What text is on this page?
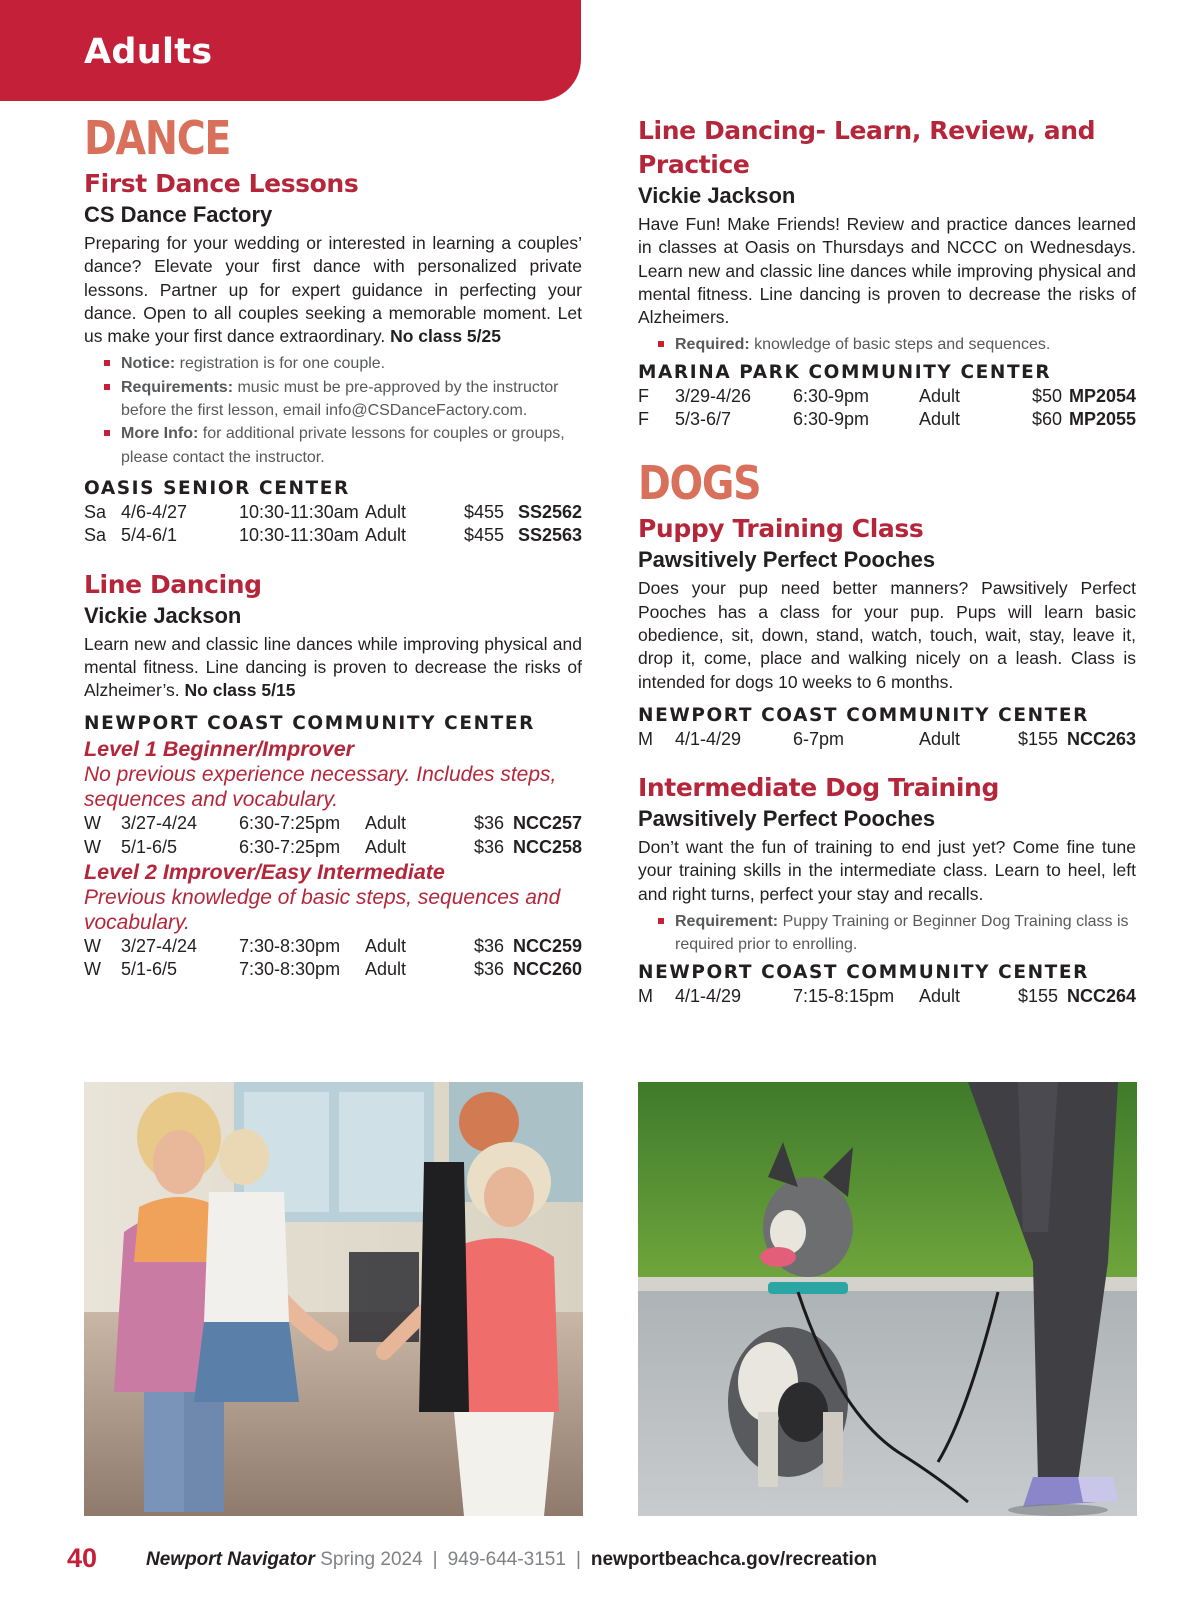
Adults
DANCE
First Dance Lessons
CS Dance Factory
Preparing for your wedding or interested in learning a couples’ dance? Elevate your first dance with personalized private lessons. Partner up for expert guidance in perfecting your dance. Open to all couples seeking a memorable moment. Let us make your first dance extraordinary. No class 5/25
Notice: registration is for one couple.
Requirements: music must be pre-approved by the instructor before the first lesson, email info@CSDanceFactory.com.
More Info: for additional private lessons for couples or groups, please contact the instructor.
OASIS SENIOR CENTER
Sa 4/6-4/27	10:30-11:30am Adult	$455 SS2562
Sa 5/4-6/1	10:30-11:30am Adult	$455 SS2563
Line Dancing
Vickie Jackson
Learn new and classic line dances while improving physical and mental fitness. Line dancing is proven to decrease the risks of Alzheimer’s. No class 5/15
NEWPORT COAST COMMUNITY CENTER
Level 1 Beginner/Improver
No previous experience necessary. Includes steps, sequences and vocabulary.
W 3/27-4/24 6:30-7:25pm Adult	$36 NCC257
W 5/1-6/5	6:30-7:25pm Adult	$36 NCC258
Level 2 Improver/Easy Intermediate
Previous knowledge of basic steps, sequences and vocabulary.
W 3/27-4/24 7:30-8:30pm Adult	$36 NCC259
W 5/1-6/5	7:30-8:30pm Adult	$36 NCC260
Line Dancing- Learn, Review, and Practice
Vickie Jackson
Have Fun! Make Friends! Review and practice dances learned in classes at Oasis on Thursdays and NCCC on Wednesdays. Learn new and classic line dances while improving physical and mental fitness. Line dancing is proven to decrease the risks of Alzheimers.
Required: knowledge of basic steps and sequences.
MARINA PARK COMMUNITY CENTER
F 3/29-4/26 6:30-9pm	Adult	$50 MP2054
F 5/3-6/7	6:30-9pm	Adult	$60 MP2055
DOGS
Puppy Training Class
Pawsitively Perfect Pooches
Does your pup need better manners? Pawsitively Perfect Pooches has a class for your pup. Pups will learn basic obedience, sit, down, stand, watch, touch, wait, stay, leave it, drop it, come, place and walking nicely on a leash. Class is intended for dogs 10 weeks to 6 months.
NEWPORT COAST COMMUNITY CENTER
M 4/1-4/29	6-7pm	Adult	$155 NCC263
Intermediate Dog Training
Pawsitively Perfect Pooches
Don’t want the fun of training to end just yet? Come fine tune your training skills in the intermediate class. Learn to heel, left and right turns, perfect your stay and recalls.
Requirement: Puppy Training or Beginner Dog Training class is required prior to enrolling.
NEWPORT COAST COMMUNITY CENTER
M 4/1-4/29	7:15-8:15pm Adult	$155 NCC264
40	Newport Navigator Spring 2024 | 949-644-3151 | newportbeachca.gov/recreation
